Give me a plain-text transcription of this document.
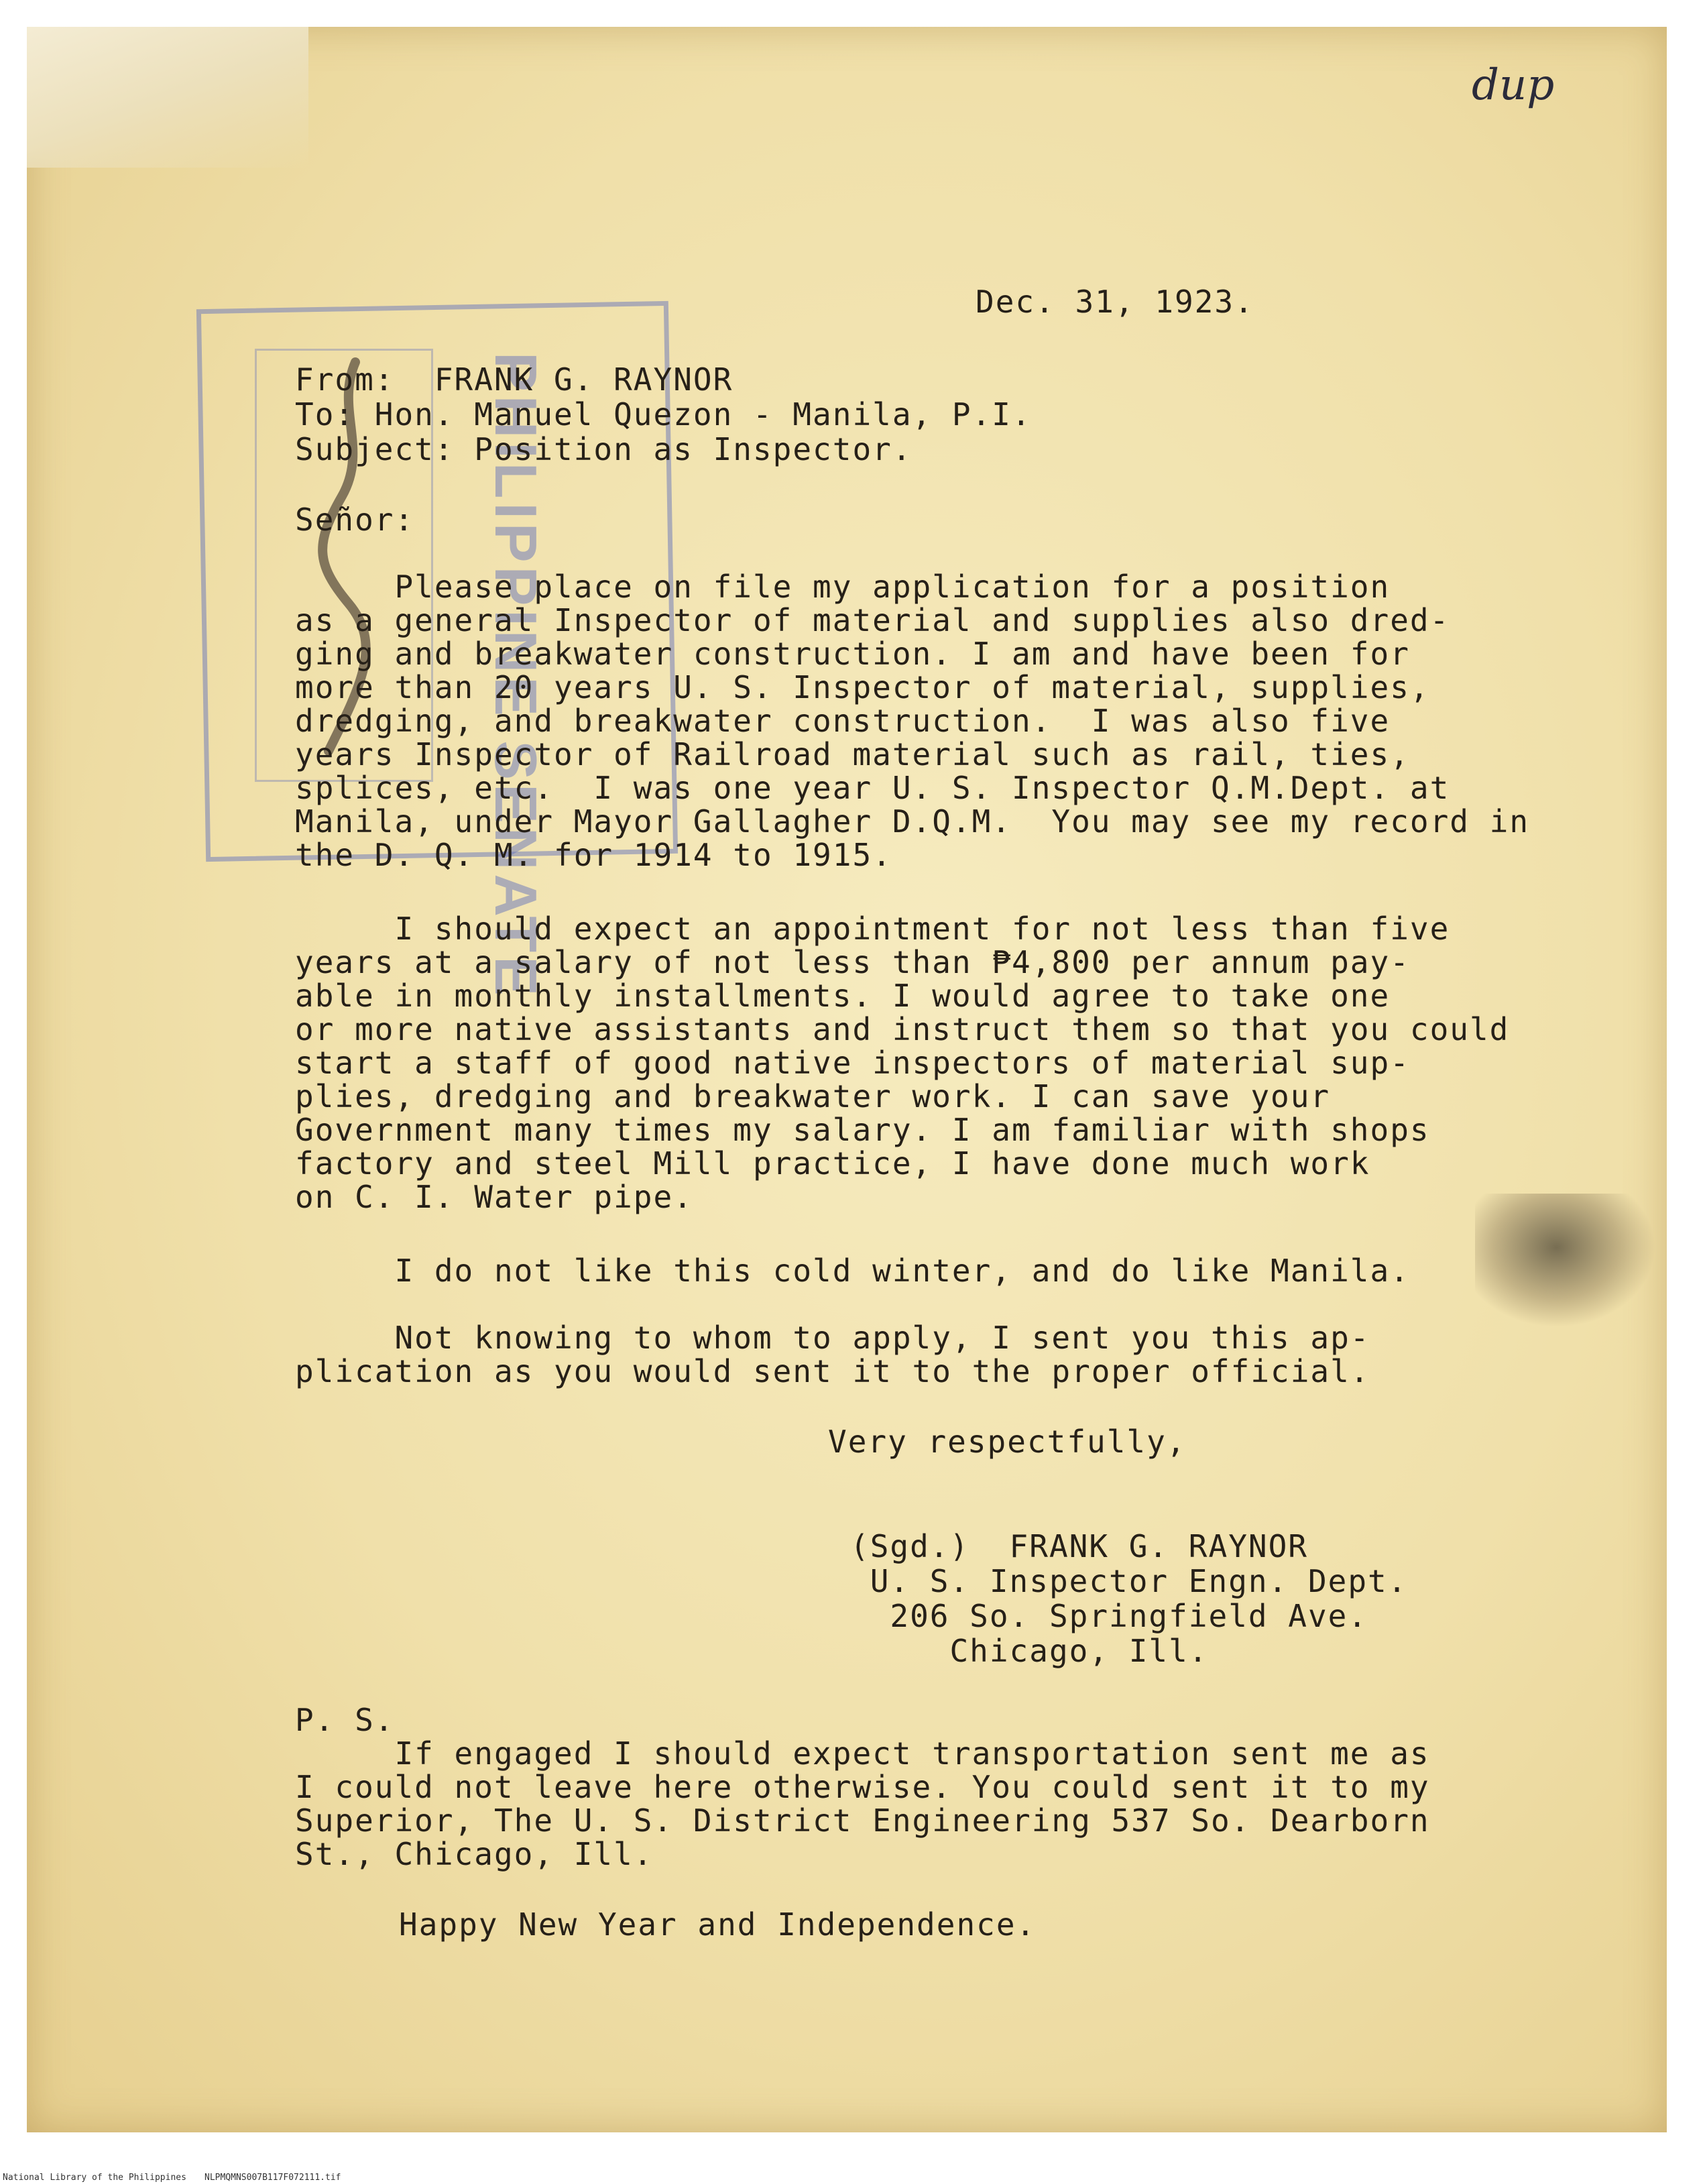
dup
PHILIPPINE SENATE
Dec. 31, 1923.
From:  FRANK G. RAYNOR
To: Hon. Manuel Quezon - Manila, P.I.
Subject: Position as Inspector.
Señor:
Please place on file my application for a position
as a general Inspector of material and supplies also dred-
ging and breakwater construction. I am and have been for
more than 20 years U. S. Inspector of material, supplies,
dredging, and breakwater construction.  I was also five
years Inspector of Railroad material such as rail, ties,
splices, etc.  I was one year U. S. Inspector Q.M.Dept. at
Manila, under Mayor Gallagher D.Q.M.  You may see my record in
the D. Q. M. for 1914 to 1915.
I should expect an appointment for not less than five
years at a salary of not less than ₱4,800 per annum pay-
able in monthly installments. I would agree to take one
or more native assistants and instruct them so that you could
start a staff of good native inspectors of material sup-
plies, dredging and breakwater work. I can save your
Government many times my salary. I am familiar with shops
factory and steel Mill practice, I have done much work
on C. I. Water pipe.
I do not like this cold winter, and do like Manila.
Not knowing to whom to apply, I sent you this ap-
plication as you would sent it to the proper official.
Very respectfully,
(Sgd.)  FRANK G. RAYNOR
U. S. Inspector Engn. Dept.
206 So. Springfield Ave.
Chicago, Ill.
P. S.
If engaged I should expect transportation sent me as
I could not leave here otherwise. You could sent it to my
Superior, The U. S. District Engineering 537 So. Dearborn
St., Chicago, Ill.
Happy New Year and Independence.
National Library of the Philippines NLPMQMNS007B117F072111.tif
